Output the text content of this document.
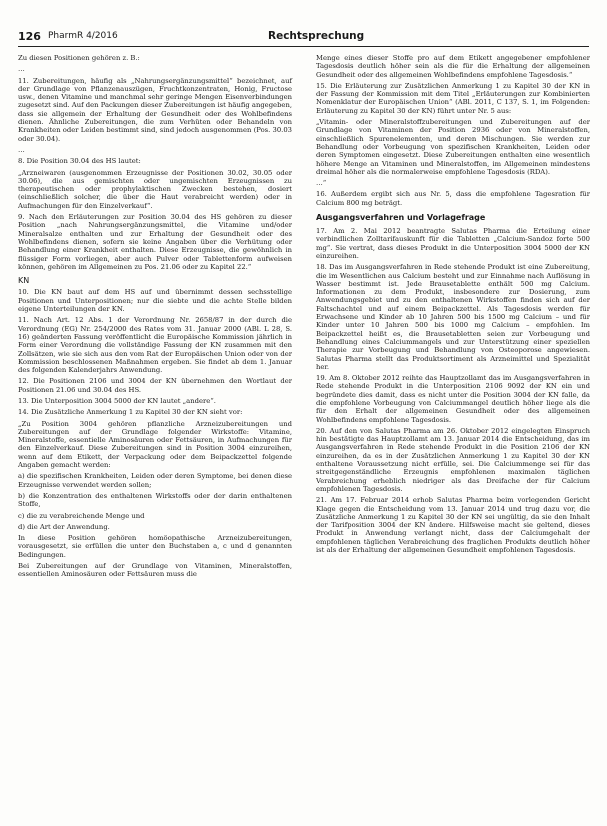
126 PharmR 4/2016	Rechtsprechung

Zu diesen Positionen gehören z. B.:

…

11. Zubereitungen, häufig als „Nahrungsergänzungsmittel“ bezeichnet, auf der Grundlage von Pflanzenauszügen, Fruchtkonzentraten, Honig, Fructose usw., denen Vitamine und manchmal sehr geringe Mengen Eisenverbindungen zugesetzt sind. Auf den Packungen dieser Zubereitungen ist häufig angegeben, dass sie allgemein der Erhaltung der Gesundheit oder des Wohlbefindens dienen. Ähnliche Zubereitungen, die zum Verhüten oder Behandeln von Krankheiten oder Leiden bestimmt sind, sind jedoch ausgenommen (Pos. 30.03 oder 30.04).

…

8. Die Position 30.04 des HS lautet:

„Arzneiwaren (ausgenommen Erzeugnisse der Positionen 30.02, 30.05 oder 30.06), die aus gemischten oder ungemischten Erzeugnissen zu therapeutischen oder prophylaktischen Zwecken bestehen, dosiert (einschließlich solcher, die über die Haut verabreicht werden) oder in Aufmachungen für den Einzelverkauf“.

9. Nach den Erläuterungen zur Position 30.04 des HS gehören zu dieser Position „nach Nahrungsergänzungsmittel, die Vitamine und/oder Mineralsalze enthalten und zur Erhaltung der Gesundheit oder des Wohlbefindens dienen, sofern sie keine Angaben über die Verhütung oder Behandlung einer Krankheit enthalten. Diese Erzeugnisse, die gewöhnlich in flüssiger Form vorliegen, aber auch Pulver oder Tablettenform aufweisen können, gehören im Allgemeinen zu Pos. 21.06 oder zu Kapitel 22.“

KN

10. Die KN baut auf dem HS auf und übernimmt dessen sechsstellige Positionen und Unterpositionen; nur die siebte und die achte Stelle bilden eigene Unterteilungen der KN.

11. Nach Art. 12 Abs. 1 der Verordnung Nr. 2658/87 in der durch die Verordnung (EG) Nr. 254/2000 des Rates vom 31. Januar 2000 (ABl. L 28, S. 16) geänderten Fassung veröffentlicht die Europäische Kommission jährlich in Form einer Verordnung die vollständige Fassung der KN zusammen mit den Zollsätzen, wie sie sich aus den vom Rat der Europäischen Union oder von der Kommission beschlossenen Maßnahmen ergeben. Sie findet ab dem 1. Januar des folgenden Kalenderjahrs Anwendung.

12. Die Positionen 2106 und 3004 der KN übernehmen den Wortlaut der Positionen 21.06 und 30.04 des HS.

13. Die Unterposition 3004 5000 der KN lautet „andere“.

14. Die Zusätzliche Anmerkung 1 zu Kapitel 30 der KN sieht vor:

„Zu Position 3004 gehören pflanzliche Arzneizubereitungen und Zubereitungen auf der Grundlage folgender Wirkstoffe: Vitamine, Mineralstoffe, essentielle Aminosäuren oder Fettsäuren, in Aufmachungen für den Einzelverkauf. Diese Zubereitungen sind in Position 3004 einzureihen, wenn auf dem Etikett, der Verpackung oder dem Beipackzettel folgende Angaben gemacht werden:

a) die spezifischen Krankheiten, Leiden oder deren Symptome, bei denen diese Erzeugnisse verwendet werden sollen;

b) die Konzentration des enthaltenen Wirkstoffs oder der darin enthaltenen Stoffe,

c) die zu verabreichende Menge und

d) die Art der Anwendung.

In diese Position gehören homöopathische Arzneizubereitungen, vorausgesetzt, sie erfüllen die unter den Buchstaben a, c und d genannten Bedingungen.

Bei Zubereitungen auf der Grundlage von Vitaminen, Mineralstoffen, essentiellen Aminosäuren oder Fettsäuren muss die

Menge eines dieser Stoffe pro auf dem Etikett angegebener empfohlener Tagesdosis deutlich höher sein als die für die Erhaltung der allgemeinen Gesundheit oder des allgemeinen Wohlbefindens empfohlene Tagesdosis.“

15. Die Erläuterung zur Zusätzlichen Anmerkung 1 zu Kapitel 30 der KN in der Fassung der Kommission mit dem Titel „Erläuterungen zur Kombinierten Nomenklatur der Europäischen Union“ (ABl. 2011, C 137, S. 1, im Folgenden: Erläuterung zu Kapitel 30 der KN) führt unter Nr. 5 aus:

„Vitamin- oder Mineralstoffzubereitungen und Zubereitungen auf der Grundlage von Vitaminen der Position 2936 oder von Mineralstoffen, einschließlich Spurenelementen, und deren Mischungen. Sie werden zur Behandlung oder Vorbeugung von spezifischen Krankheiten, Leiden oder deren Symptomen eingesetzt. Diese Zubereitungen enthalten eine wesentlich höhere Menge an Vitaminen und Mineralstoffen, im Allgemeinen mindestens dreimal höher als die normalerweise empfohlene Tagesdosis (RDA).

…“

16. Außerdem ergibt sich aus Nr. 5, dass die empfohlene Tagesration für Calcium 800 mg beträgt.

Ausgangsverfahren und Vorlagefrage

17. Am 2. Mai 2012 beantragte Salutas Pharma die Erteilung einer verbindlichen Zolltarifauskunft für die Tabletten „Calcium-Sandoz forte 500 mg“. Sie vertrat, dass dieses Produkt in die Unterposition 3004 5000 der KN einzureihen.

18. Das im Ausgangsverfahren in Rede stehende Produkt ist eine Zubereitung, die im Wesentlichen aus Calcium besteht und zur Einnahme nach Auflösung in Wasser bestimmt ist. Jede Brausetablette enthält 500 mg Calcium. Informationen zu dem Produkt, insbesondere zur Dosierung, zum Anwendungsgebiet und zu den enthaltenen Wirkstoffen finden sich auf der Faltschachtel und auf einem Beipackzettel. Als Tagesdosis werden für Erwachsene und Kinder ab 10 Jahren 500 bis 1500 mg Calcium – und für Kinder unter 10 Jahren 500 bis 1000 mg Calcium – empfohlen. Im Beipackzettel heißt es, die Brausetabletten seien zur Vorbeugung und Behandlung eines Calciummangels und zur Unterstützung einer speziellen Therapie zur Vorbeugung und Behandlung von Osteoporose angewiesen. Salutas Pharma stellt das Produktsortiment als Arzneimittel und Spezialität her.

19. Am 8. Oktober 2012 reihte das Hauptzollamt das im Ausgangsverfahren in Rede stehende Produkt in die Unterposition 2106 9092 der KN ein und begründete dies damit, dass es nicht unter die Position 3004 der KN falle, da die empfohlene Vorbeugung von Calciummangel deutlich höher liege als die für den Erhalt der allgemeinen Gesundheit oder des allgemeinen Wohlbefindens empfohlene Tagesdosis.

20. Auf den von Salutas Pharma am 26. Oktober 2012 eingelegten Einspruch hin bestätigte das Hauptzollamt am 13. Januar 2014 die Entscheidung, das im Ausgangsverfahren in Rede stehende Produkt in die Position 2106 der KN einzureihen, da es in der Zusätzlichen Anmerkung 1 zu Kapitel 30 der KN enthaltene Voraussetzung nicht erfülle, sei. Die Calciummenge sei für das streitgegenständliche Erzeugnis empfohlenen maximalen täglichen Verabreichung erheblich niedriger als das Dreifache der für Calcium empfohlenen Tagesdosis.

21. Am 17. Februar 2014 erhob Salutas Pharma beim vorlegenden Gericht Klage gegen die Entscheidung vom 13. Januar 2014 und trug dazu vor, die Zusätzliche Anmerkung 1 zu Kapitel 30 der KN sei ungültig, da sie den Inhalt der Tarifposition 3004 der KN ändere. Hilfsweise macht sie geltend, dieses Produkt in Anwendung verlangt nicht, dass der Calciumgehalt der empfohlenen täglichen Verabreichung des fraglichen Produkts deutlich höher ist als der Erhaltung der allgemeinen Gesundheit empfohlenen Tagesdosis.
